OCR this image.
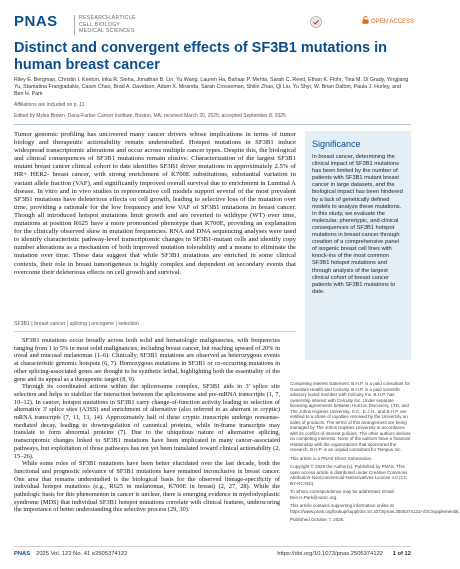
PNAS	RESEARCH ARTICLE
CELL BIOLOGY
MEDICAL SCIENCES
OPEN ACCESS
Distinct and convergent effects of SF3B1 mutations in human breast cancer
Riley E. Bergman, Christin I. Keeton, Irika R. Sinha, Jonathan B. Lin, Yu Wang, Lauren Ha, Bahaar P. Mehta, Sarah C. Reed, Ethan K. Flohr, Tina M. Di Grady, Yingjiang Yu, Stamatina Frangiadakis, Caixin Chao, Brad A. Davidson, Adam X. Miranda, Sarah Crosseman, Shilin Zhao, Qi Liu, Yu Shyr, W. Brian Dalton, Paula J. Hurley, and Ben H. Park
Affiliations are included on p. 11.
Edited by Myles Brown, Dana-Farber Cancer Institute, Boston, MA; received March 20, 2025; accepted September 8, 2025
Tumor genomic profiling has uncovered many cancer drivers whose implications in terms of tumor biology and therapeutic actionability remain understudied. Hotspot mutations in SF3B1 induce widespread transcriptomic alterations and occur across multiple cancer types. Despite this, the biological and clinical consequences of SF3B1 mutations remain elusive. Characterization of the largest SF3B1 mutant breast cancer clinical cohort to date identifies SF3B1 driver mutations in approximately 2.5% of HR+ HER2- breast cancer, with strong enrichment of K700E substitutions, substantial variation in variant allele fraction (VAF), and significantly improved overall survival due to enrichment in Luminal A disease. In vitro and in vivo studies in representative cell models support several of the most prevalent SF3B1 mutations have deleterious effects on cell growth, leading to selective loss of the mutation over time, providing a rationale for the low frequency and low VAF of SF3B1 mutations in breast cancer. Though all introduced hotspot mutations limit growth and are reverted to wildtype (WT) over time, mutations at position R625 have a more pronounced phenotype than K700E, providing an explanation for the clinically observed skew in mutation frequencies. RNA and DNA sequencing analyses were used to identify characteristic pathway-level transcriptomic changes in SF3B1-mutant cells and identify copy number alterations as a mechanism of both improved mutation tolerability and a means to eliminate the mutation over time. These data suggest that while SF3B1 mutations are enriched in some clinical contexts, their role in breast tumorigenesis is highly complex and dependent on secondary events that overcome their deleterious effects on cell growth and survival.
SF3B1 | breast cancer | splicing | oncogene | selection

SF3B1 mutations occur broadly across both solid and hematologic malignancies, with frequencies ranging from 1 to 5% in most solid malignancies, including breast cancer, but reaching upward of 20% in uveal and mucosal melanomas (1–6). Clinically, SF3B1 mutations are observed as heterozygous events at characteristic genomic hotspots (6, 7). Homozygous mutations in SF3B1 or co-occurring mutations in other splicing-associated genes are thought to be synthetic lethal, highlighting both the essentiality of the gene and its appeal as a therapeutic target (8, 9).

Through its coordinated actions within the spliceosome complex, SF3B1 aids in 3' splice site selection and helps to stabilize the interaction between the spliceosome and pre-mRNA transcripts (1, 7, 10–12). In cancer, hotspot mutations in SF3B1 carry change-of-function activity leading to selection of alternative 3' splice sites (A3SS) and enrichment of alternative (also referred to as aberrant or cryptic) mRNA transcripts (7, 11, 13, 14). Approximately half of these cryptic transcripts undergo nonsense-mediated decay, leading to downregulation of canonical proteins, while in-frame transcripts may translate to form abnormal proteins (7). Due to the ubiquitous nature of alternative splicing, transcriptomic changes linked to SF3B1 mutations have been implicated in many cancer-associated pathways, but exploitation of those pathways has not yet been translated toward clinical actionability (2, 15–26).

While some roles of SF3B1 mutations have been better elucidated over the last decade, both the functional and prognostic relevance of SF3B1 mutations have remained inconclusive in breast cancer. One area that remains understudied is the biological basis for the observed lineage-specificity of individual hotspot mutations (e.g., R625 in melanomas, K700E in breast) (2, 27, 28). While the pathologic basis for this phenomenon in cancer is unclear, there is emerging evidence in myelodysplastic syndrome (MDS) that individual SF3B1 hotspot mutations correlate with clinical features, underscoring the importance of better understanding this selective process (29, 30).

Significance
In breast cancer, determining the clinical impact of SF3B1 mutations has been limited by the number of patients with SF3B1 mutant breast cancer in large datasets, and the biological impact has been hindered by a lack of genetically defined models to analyze these mutations. In this study, we evaluate the molecular, phenotypic, and clinical consequences of SF3B1 hotspot mutations in breast cancer through creation of a comprehensive panel of isogenic breast cell lines with knock-ins of the most common SF3B1 hotspot mutations and through analysis of the largest clinical cohort of breast cancer patients with SF3B1 mutations to date.

Competing interest statement: B.H.P. is a paid consultant for Guardant Health and Celcuity. B.H.P. is a paid scientific advisory board member with Celcuity Inc. B.H.P. has ownership interest with Celcuity Inc. Under separate licensing agreements between Horizon Discovery, LTD, and The Johns Hopkins University, S.C., E.J.H., and B.H.P. are entitled to a share of royalties received by the University on sales of products. The terms of this arrangement are being managed by The Johns Hopkins University in accordance with its conflict-of-interest policies. The other authors declare no competing interests. None of the authors have a financial relationship with the organizations that sponsored the research. B.H.P. is an unpaid consultant for Tempus Inc.

This article is a PNAS Direct Submission.

Copyright © 2025 the Author(s). Published by PNAS. This open access article is distributed under Creative Commons Attribution-NonCommercial-NoDerivatives License 4.0 (CC BY-NC-ND).

To whom correspondence may be addressed. Email: Ben.H.Park@vumc.org.

This article contains supporting information online at https://www.pnas.org/lookup/suppl/doi:10.1073/pnas.2505374122/-/DCSupplemental.

Published October 7, 2025.

PNAS 2025 Vol. 122 No. 41 e2505374122	https://doi.org/10.1073/pnas.2505374122 1 of 12
